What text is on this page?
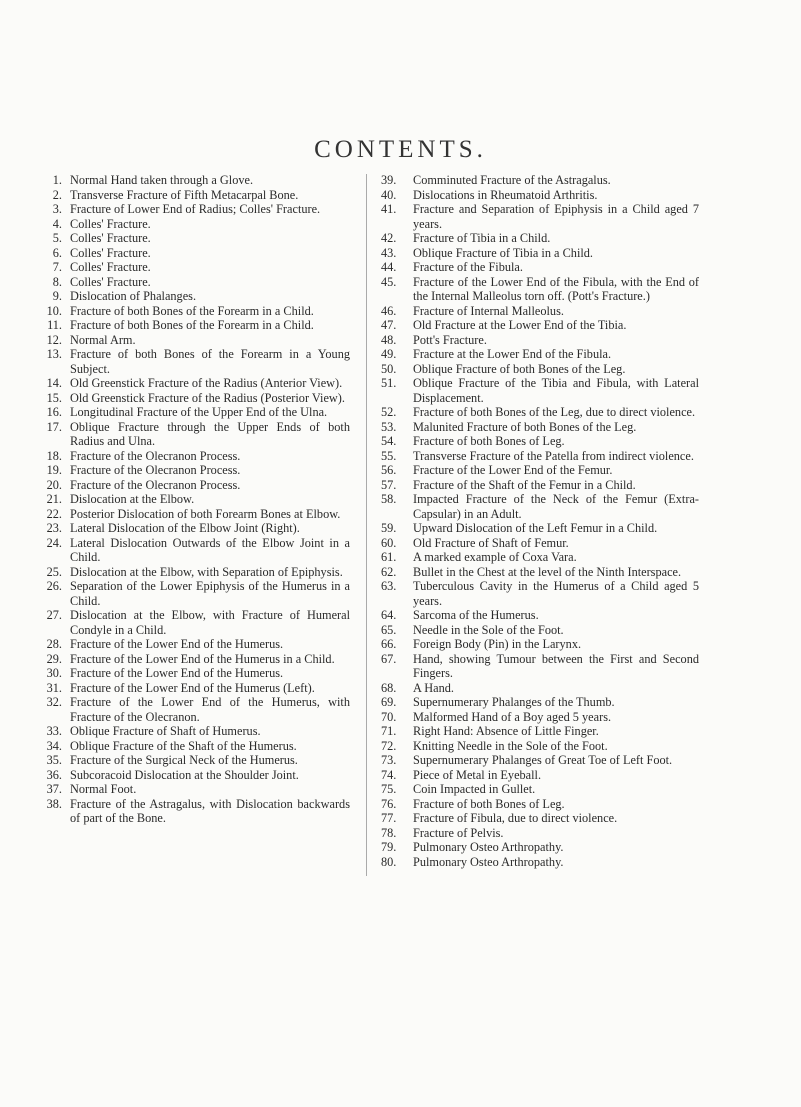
CONTENTS.
1. Normal Hand taken through a Glove.
2. Transverse Fracture of Fifth Metacarpal Bone.
3. Fracture of Lower End of Radius; Colles' Fracture.
4. Colles' Fracture.
5. Colles' Fracture.
6. Colles' Fracture.
7. Colles' Fracture.
8. Colles' Fracture.
9. Dislocation of Phalanges.
10. Fracture of both Bones of the Forearm in a Child.
11. Fracture of both Bones of the Forearm in a Child.
12. Normal Arm.
13. Fracture of both Bones of the Forearm in a Young Subject.
14. Old Greenstick Fracture of the Radius (Anterior View).
15. Old Greenstick Fracture of the Radius (Posterior View).
16. Longitudinal Fracture of the Upper End of the Ulna.
17. Oblique Fracture through the Upper Ends of both Radius and Ulna.
18. Fracture of the Olecranon Process.
19. Fracture of the Olecranon Process.
20. Fracture of the Olecranon Process.
21. Dislocation at the Elbow.
22. Posterior Dislocation of both Forearm Bones at Elbow.
23. Lateral Dislocation of the Elbow Joint (Right).
24. Lateral Dislocation Outwards of the Elbow Joint in a Child.
25. Dislocation at the Elbow, with Separation of Epiphysis.
26. Separation of the Lower Epiphysis of the Humerus in a Child.
27. Dislocation at the Elbow, with Fracture of Humeral Condyle in a Child.
28. Fracture of the Lower End of the Humerus.
29. Fracture of the Lower End of the Humerus in a Child.
30. Fracture of the Lower End of the Humerus.
31. Fracture of the Lower End of the Humerus (Left).
32. Fracture of the Lower End of the Humerus, with Fracture of the Olecranon.
33. Oblique Fracture of Shaft of Humerus.
34. Oblique Fracture of the Shaft of the Humerus.
35. Fracture of the Surgical Neck of the Humerus.
36. Subcoracoid Dislocation at the Shoulder Joint.
37. Normal Foot.
38. Fracture of the Astragalus, with Dislocation backwards of part of the Bone.
39.	Comminuted Fracture of the Astragalus.
40.	Dislocations in Rheumatoid Arthritis.
41.	Fracture and Separation of Epiphysis in a Child aged 7 years.
42.	Fracture of Tibia in a Child.
43.	Oblique Fracture of Tibia in a Child.
44.	Fracture of the Fibula.
45.	Fracture of the Lower End of the Fibula, with the End of the Internal Malleolus torn off. (Pott's Fracture.)
46.	Fracture of Internal Malleolus.
47.	Old Fracture at the Lower End of the Tibia.
48.	Pott's Fracture.
49.	Fracture at the Lower End of the Fibula.
50.	Oblique Fracture of both Bones of the Leg.
51.	Oblique Fracture of the Tibia and Fibula, with Lateral Displacement.
52.	Fracture of both Bones of the Leg, due to direct violence.
53.	Malunited Fracture of both Bones of the Leg.
54.	Fracture of both Bones of Leg.
55.	Transverse Fracture of the Patella from indirect violence.
56.	Fracture of the Lower End of the Femur.
57.	Fracture of the Shaft of the Femur in a Child.
58.	Impacted Fracture of the Neck of the Femur (Extra-Capsular) in an Adult.
59.	Upward Dislocation of the Left Femur in a Child.
60.	Old Fracture of Shaft of Femur.
61.	A marked example of Coxa Vara.
62.	Bullet in the Chest at the level of the Ninth Interspace.
63.	Tuberculous Cavity in the Humerus of a Child aged 5 years.
64.	Sarcoma of the Humerus.
65.	Needle in the Sole of the Foot.
66.	Foreign Body (Pin) in the Larynx.
67.	Hand, showing Tumour between the First and Second Fingers.
68.	A Hand.
69.	Supernumerary Phalanges of the Thumb.
70.	Malformed Hand of a Boy aged 5 years.
71.	Right Hand: Absence of Little Finger.
72.	Knitting Needle in the Sole of the Foot.
73.	Supernumerary Phalanges of Great Toe of Left Foot.
74.	Piece of Metal in Eyeball.
75.	Coin Impacted in Gullet.
76.	Fracture of both Bones of Leg.
77.	Fracture of Fibula, due to direct violence.
78.	Fracture of Pelvis.
79.	Pulmonary Osteo Arthropathy.
80.	Pulmonary Osteo Arthropathy.
